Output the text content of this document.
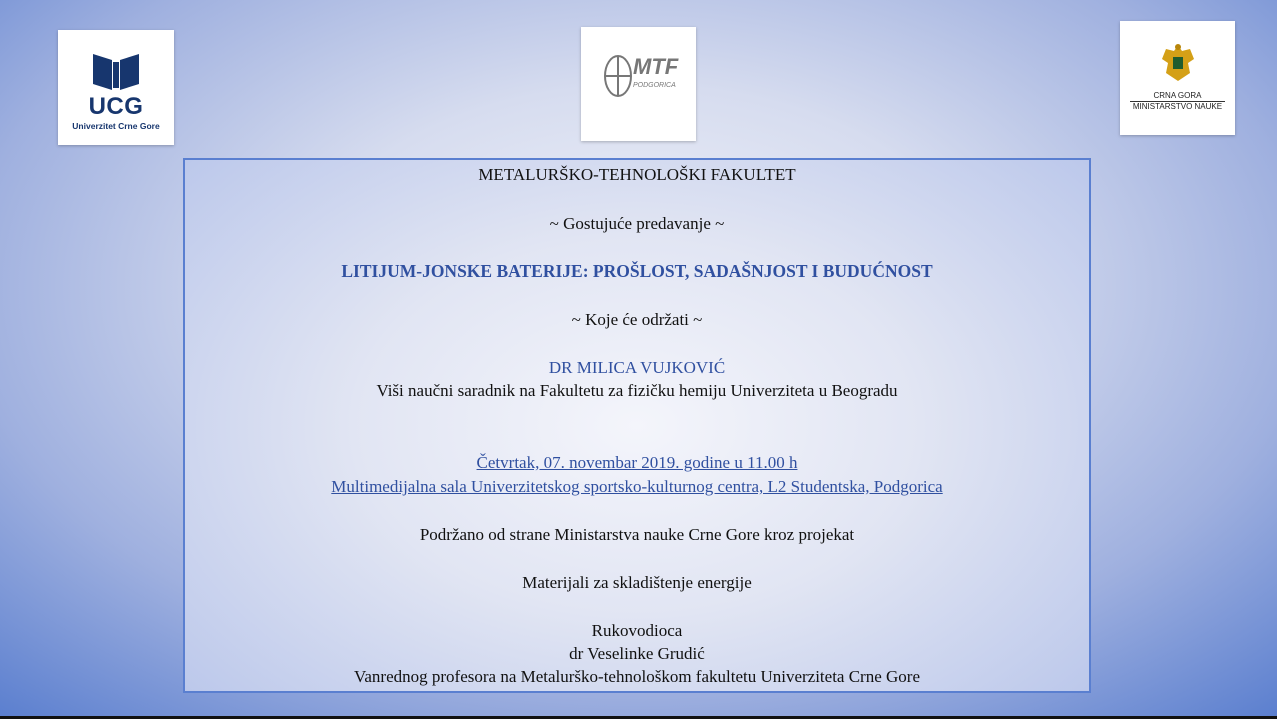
UCG
Univerzitet Crne Gore
MTF
PODGORICA
CRNA GORA
MINISTARSTVO NAUKE
METALURŠKO-TEHNOLOŠKI FAKULTET
~ Gostujuće predavanje ~
LITIJUM-JONSKE BATERIJE: PROŠLOST, SADAŠNJOST I BUDUĆNOST
~ Koje će održati ~
DR MILICA VUJKOVIĆ
Viši naučni saradnik na Fakultetu za fizičku hemiju Univerziteta u Beogradu
Četvrtak, 07. novembar 2019. godine u 11.00 h
Multimedijalna sala Univerzitetskog sportsko-kulturnog centra, L2 Studentska, Podgorica
Podržano od strane Ministarstva nauke Crne Gore kroz projekat
Materijali za skladištenje energije
Rukovodioca
dr Veselinke Grudić
Vanrednog profesora na Metalurško-tehnološkom fakultetu Univerziteta Crne Gore
